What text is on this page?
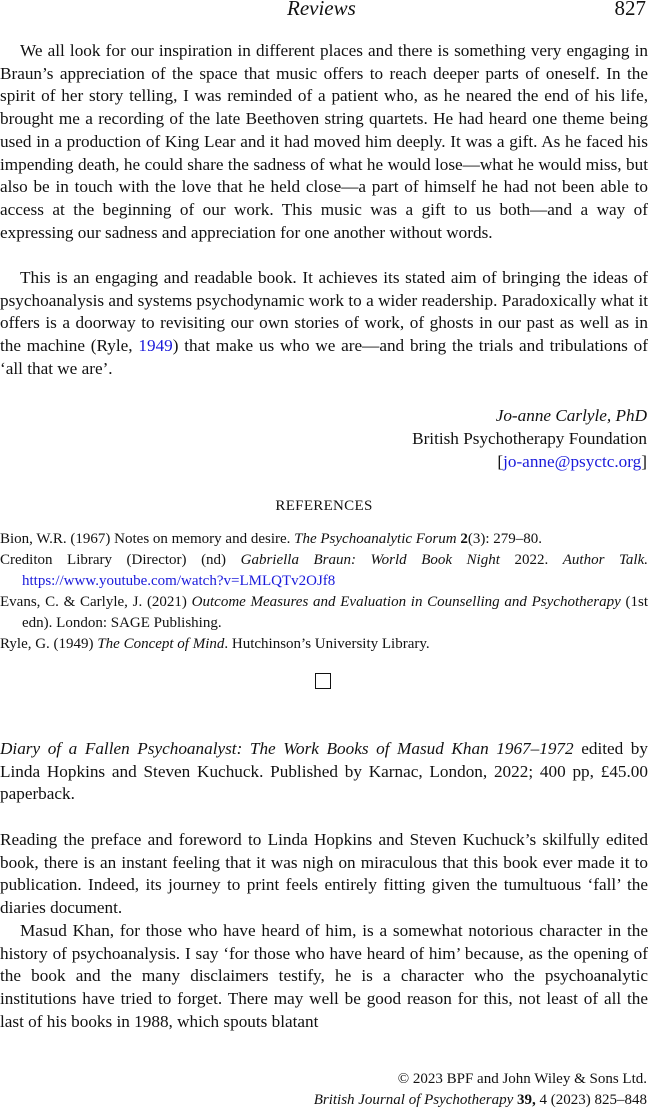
Reviews	827

We all look for our inspiration in different places and there is something very engaging in Braun’s appreciation of the space that music offers to reach deeper parts of oneself. In the spirit of her story telling, I was reminded of a patient who, as he neared the end of his life, brought me a recording of the late Beethoven string quartets. He had heard one theme being used in a production of King Lear and it had moved him deeply. It was a gift. As he faced his impending death, he could share the sadness of what he would lose—what he would miss, but also be in touch with the love that he held close—a part of himself he had not been able to access at the beginning of our work. This music was a gift to us both—and a way of expressing our sadness and appreciation for one another without words.

This is an engaging and readable book. It achieves its stated aim of bringing the ideas of psychoanalysis and systems psychodynamic work to a wider readership. Paradoxically what it offers is a doorway to revisiting our own stories of work, of ghosts in our past as well as in the machine (Ryle, 1949) that make us who we are—and bring the trials and tribulations of ‘all that we are’.

Jo-anne Carlyle, PhD
British Psychotherapy Foundation
[jo-anne@psyctc.org]
REFERENCES

Bion, W.R. (1967) Notes on memory and desire. The Psychoanalytic Forum 2(3): 279–80.

Crediton Library (Director) (nd) Gabriella Braun: World Book Night 2022. Author Talk. https://www.youtube.com/watch?v=LMLQTv2OJf8

Evans, C. & Carlyle, J. (2021) Outcome Measures and Evaluation in Counselling and Psychotherapy (1st edn). London: SAGE Publishing.

Ryle, G. (1949) The Concept of Mind. Hutchinson’s University Library.

Diary of a Fallen Psychoanalyst: The Work Books of Masud Khan 1967–1972 edited by Linda Hopkins and Steven Kuchuck. Published by Karnac, London, 2022; 400 pp, £45.00 paperback.

Reading the preface and foreword to Linda Hopkins and Steven Kuchuck’s skilfully edited book, there is an instant feeling that it was nigh on miraculous that this book ever made it to publication. Indeed, its journey to print feels entirely fitting given the tumultuous ‘fall’ the diaries document.

Masud Khan, for those who have heard of him, is a somewhat notorious character in the history of psychoanalysis. I say ‘for those who have heard of him’ because, as the opening of the book and the many disclaimers testify, he is a character who the psychoanalytic institutions have tried to forget. There may well be good reason for this, not least of all the last of his books in 1988, which spouts blatant

© 2023 BPF and John Wiley & Sons Ltd.
British Journal of Psychotherapy 39, 4 (2023) 825–848
